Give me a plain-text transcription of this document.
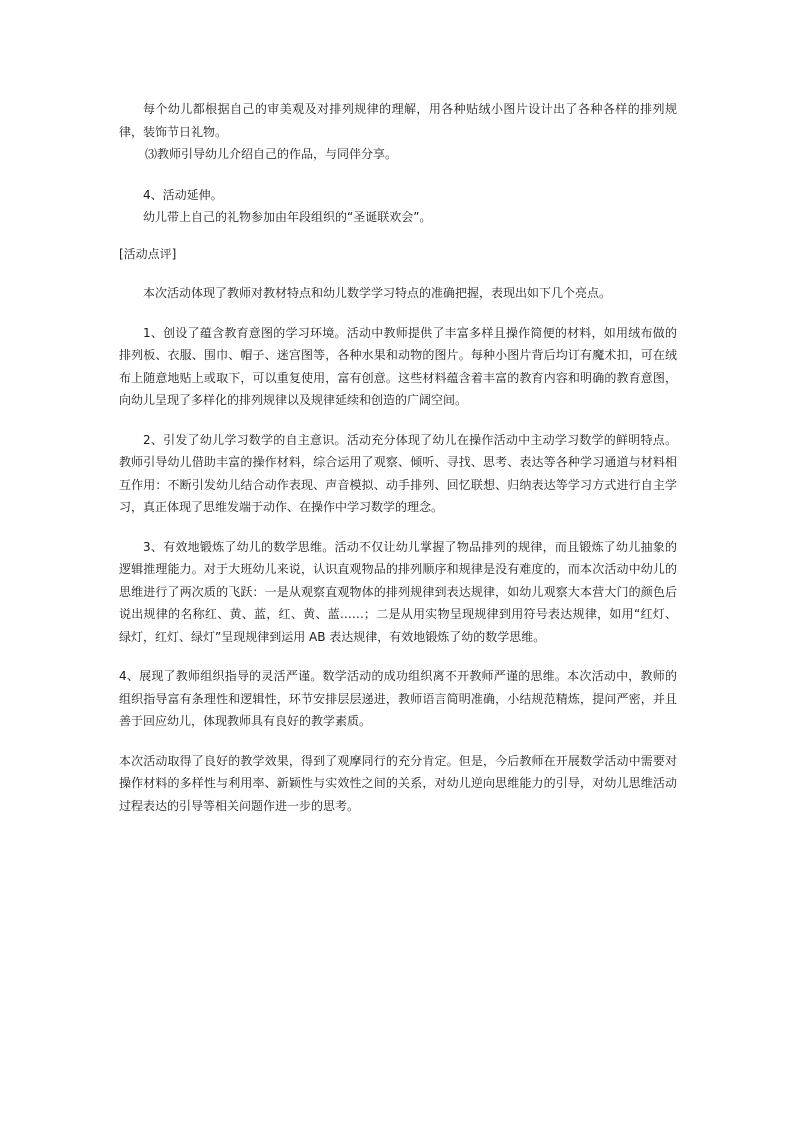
每个幼儿都根据自己的审美观及对排列规律的理解，用各种贴绒小图片设计出了各种各样的排列规律，装饰节日礼物。

⑶教师引导幼儿介绍自己的作品，与同伴分享。

4、活动延伸。

幼儿带上自己的礼物参加由年段组织的“圣诞联欢会”。

[活动点评]

本次活动体现了教师对教材特点和幼儿数学学习特点的准确把握，表现出如下几个亮点。

1、创设了蕴含教育意图的学习环境。活动中教师提供了丰富多样且操作简便的材料，如用绒布做的排列板、衣服、围巾、帽子、迷宫图等，各种水果和动物的图片。每种小图片背后均订有魔术扣，可在绒布上随意地贴上或取下，可以重复使用，富有创意。这些材料蕴含着丰富的教育内容和明确的教育意图，向幼儿呈现了多样化的排列规律以及规律延续和创造的广阔空间。

2、引发了幼儿学习数学的自主意识。活动充分体现了幼儿在操作活动中主动学习数学的鲜明特点。教师引导幼儿借助丰富的操作材料，综合运用了观察、倾听、寻找、思考、表达等各种学习通道与材料相互作用：不断引发幼儿结合动作表现、声音模拟、动手排列、回忆联想、归纳表达等学习方式进行自主学习，真正体现了思维发端于动作、在操作中学习数学的理念。

3、有效地锻炼了幼儿的数学思维。活动不仅让幼儿掌握了物品排列的规律，而且锻炼了幼儿抽象的逻辑推理能力。对于大班幼儿来说，认识直观物品的排列顺序和规律是没有难度的，而本次活动中幼儿的思维进行了两次质的飞跃：一是从观察直观物体的排列规律到表达规律，如幼儿观察大本营大门的颜色后说出规律的名称红、黄、蓝，红、黄、蓝……；二是从用实物呈现规律到用符号表达规律，如用“红灯、绿灯，红灯、绿灯”呈现规律到运用 AB 表达规律，有效地锻炼了幼的数学思维。

4、展现了教师组织指导的灵活严谨。数学活动的成功组织离不开教师严谨的思维。本次活动中，教师的组织指导富有条理性和逻辑性，环节安排层层递进，教师语言简明准确，小结规范精炼，提问严密，并且善于回应幼儿，体现教师具有良好的教学素质。

本次活动取得了良好的教学效果，得到了观摩同行的充分肯定。但是，今后教师在开展数学活动中需要对操作材料的多样性与利用率、新颖性与实效性之间的关系，对幼儿逆向思维能力的引导，对幼儿思维活动过程表达的引导等相关问题作进一步的思考。
